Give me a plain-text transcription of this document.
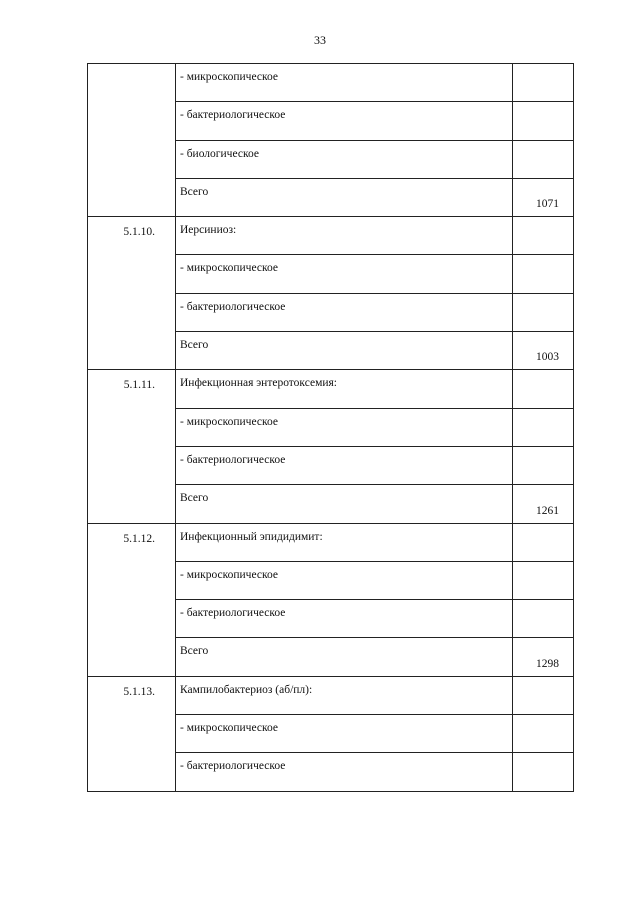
33
	- микроскопическое	
	- бактериологическое	
	- биологическое	
	Всего	1071
5.1.10.	Иерсиниоз:	
	- микроскопическое	
	- бактериологическое	
	Всего	1003
5.1.11.	Инфекционная энтеротоксемия:	
	- микроскопическое	
	- бактериологическое	
	Всего	1261
5.1.12.	Инфекционный эпидидимит:	
	- микроскопическое	
	- бактериологическое	
	Всего	1298
5.1.13.	Кампилобактериоз (аб/пл):	
	- микроскопическое	
	- бактериологическое	
